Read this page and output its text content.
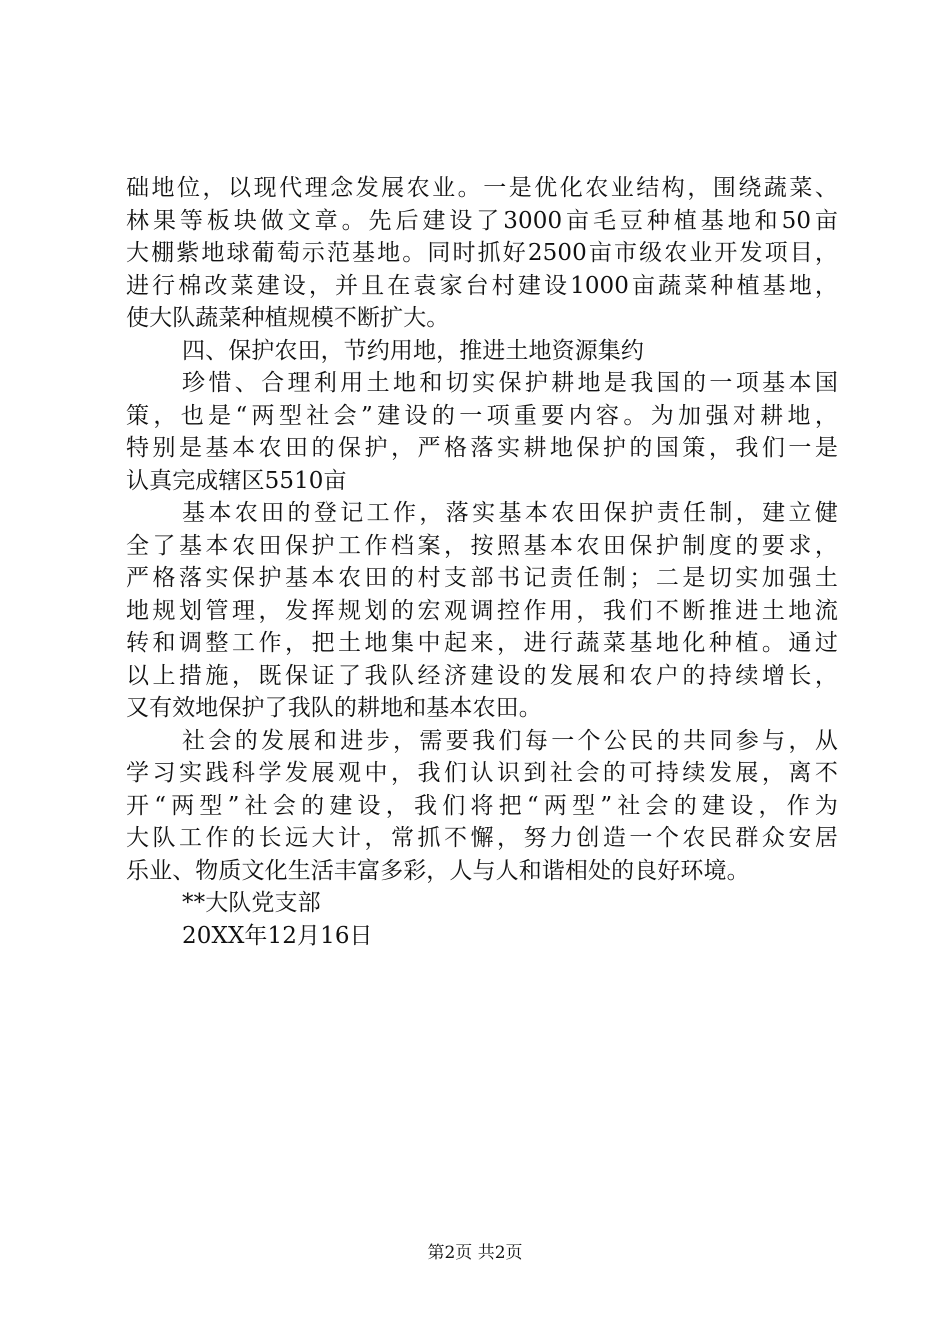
础地位，以现代理念发展农业。一是优化农业结构，围绕蔬菜、
林果等板块做文章。先后建设了3000亩毛豆种植基地和50亩
大棚紫地球葡萄示范基地。同时抓好2500亩市级农业开发项目，
进行棉改菜建设，并且在袁家台村建设1000亩蔬菜种植基地，
使大队蔬菜种植规模不断扩大。
四、保护农田，节约用地，推进土地资源集约
珍惜、合理利用土地和切实保护耕地是我国的一项基本国
策，也是“两型社会”建设的一项重要内容。为加强对耕地，
特别是基本农田的保护，严格落实耕地保护的国策，我们一是
认真完成辖区5510亩
基本农田的登记工作，落实基本农田保护责任制，建立健
全了基本农田保护工作档案，按照基本农田保护制度的要求，
严格落实保护基本农田的村支部书记责任制；二是切实加强土
地规划管理，发挥规划的宏观调控作用，我们不断推进土地流
转和调整工作，把土地集中起来，进行蔬菜基地化种植。通过
以上措施，既保证了我队经济建设的发展和农户的持续增长，
又有效地保护了我队的耕地和基本农田。
社会的发展和进步，需要我们每一个公民的共同参与，从
学习实践科学发展观中，我们认识到社会的可持续发展，离不
开“两型”社会的建设，我们将把“两型”社会的建设，作为
大队工作的长远大计，常抓不懈，努力创造一个农民群众安居
乐业、物质文化生活丰富多彩，人与人和谐相处的良好环境。
**大队党支部
20XX年12月16日
第2页 共2页
